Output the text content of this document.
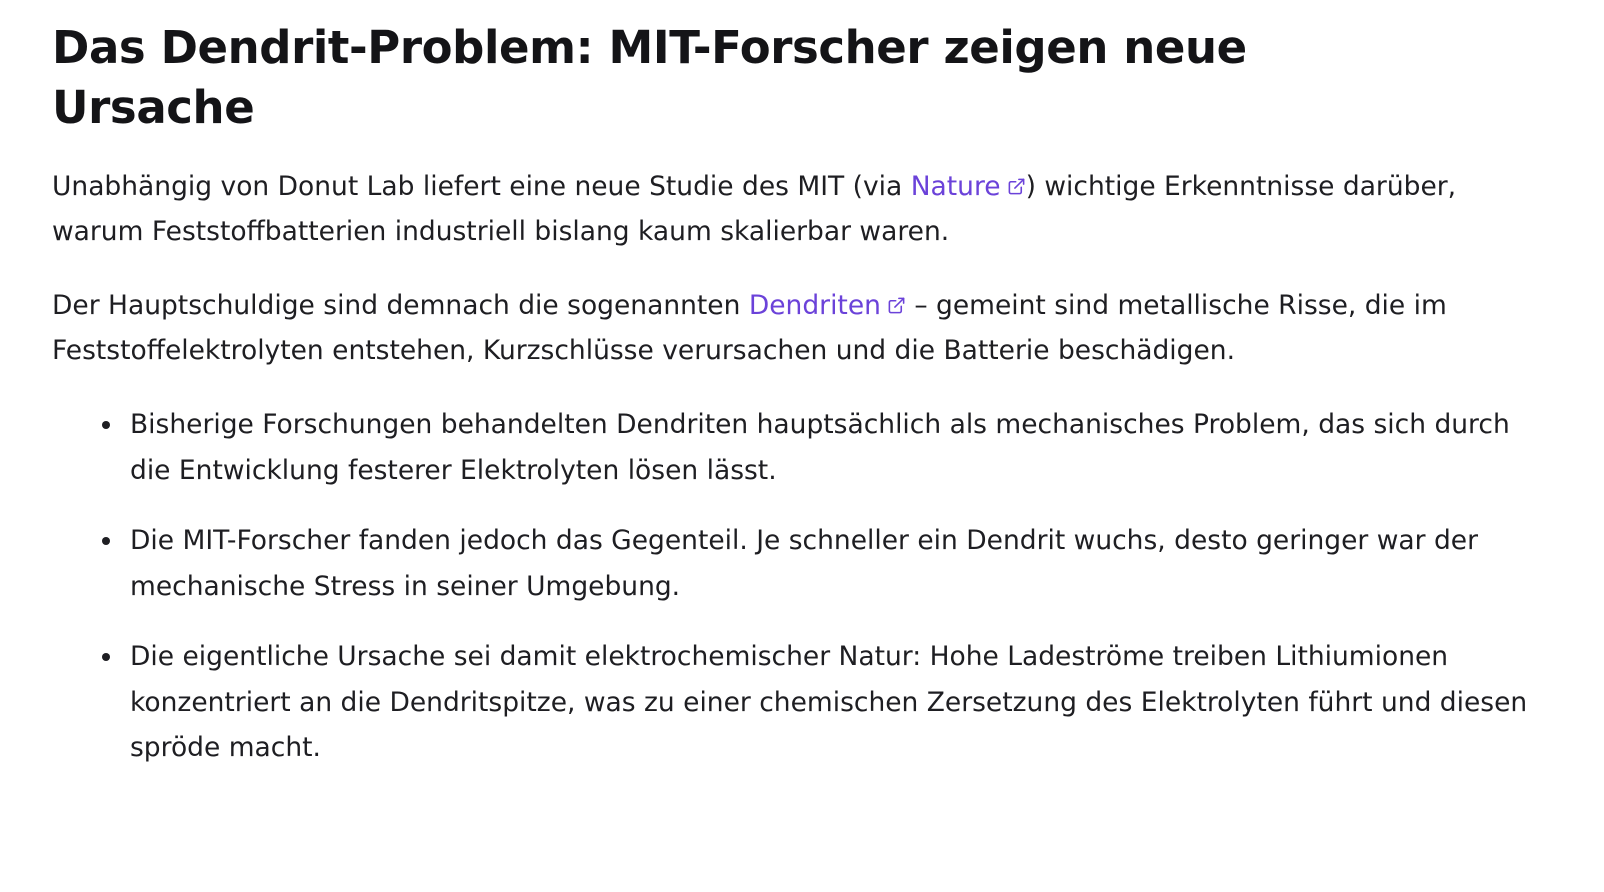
Das Dendrit-Problem: MIT-Forscher zeigen neue Ursache

Unabhängig von Donut Lab liefert eine neue Studie des MIT (via Nature ) wichtige Erkenntnisse darüber, warum Feststoffbatterien industriell bislang kaum skalierbar waren.

Der Hauptschuldige sind demnach die sogenannten Dendriten
– gemeint sind metallische Risse, die im Feststoffelektrolyten entstehen, Kurzschlüsse verursachen und die Batterie beschädigen.

Bisherige Forschungen behandelten Dendriten hauptsächlich als mechanisches Problem, das sich durch die Entwicklung festerer Elektrolyten lösen lässt.
Die MIT-Forscher fanden jedoch das Gegenteil. Je schneller ein Dendrit wuchs, desto geringer war der mechanische Stress in seiner Umgebung.
Die eigentliche Ursache sei damit elektrochemischer Natur: Hohe Ladeströme treiben Lithiumionen konzentriert an die Dendritspitze, was zu einer chemischen Zersetzung des Elektrolyten führt und diesen spröde macht.
